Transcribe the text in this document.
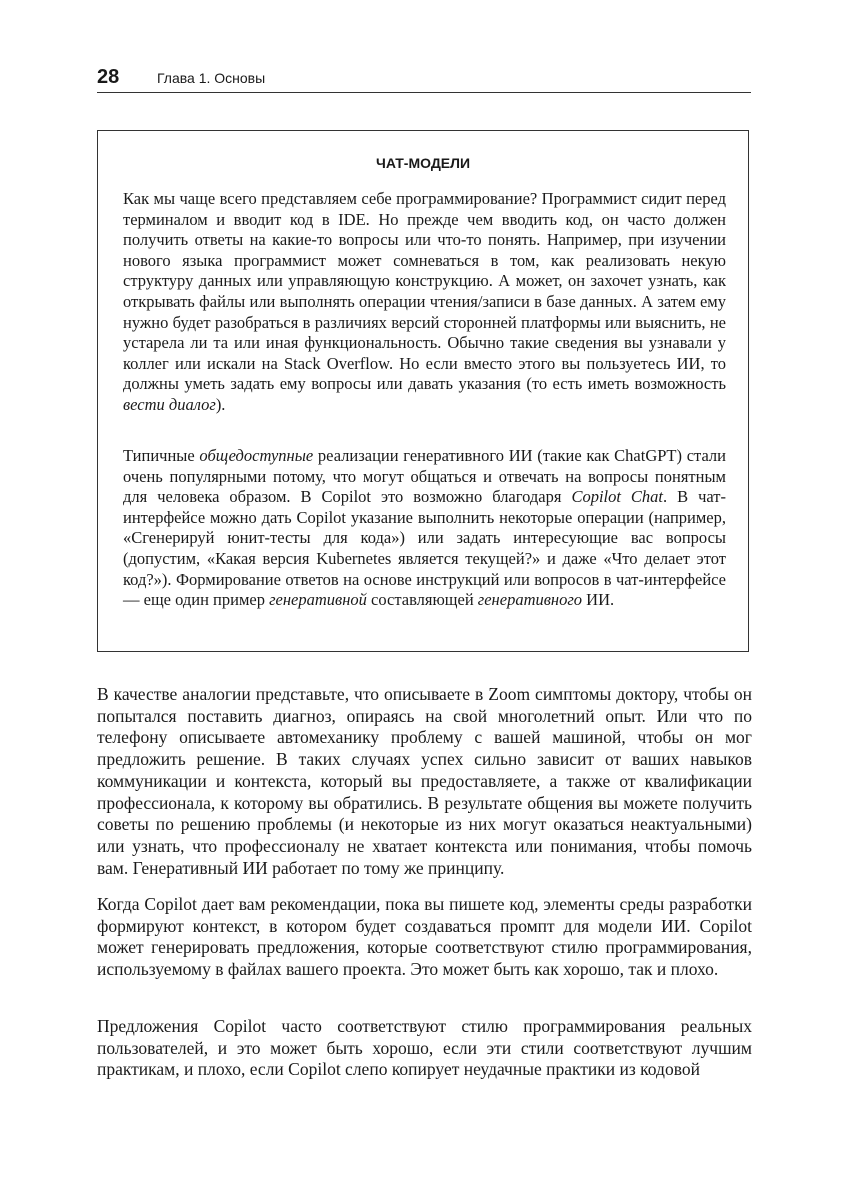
28	Глава 1. Основы
ЧАТ-МОДЕЛИ

Как мы чаще всего представляем себе программирование? Программист сидит перед терминалом и вводит код в IDE. Но прежде чем вводить код, он часто должен получить ответы на какие-то вопросы или что-то понять. Например, при изучении нового языка программист может сомневаться в том, как реализовать некую структуру данных или управляющую конструкцию. А может, он захочет узнать, как открывать файлы или выполнять операции чтения/записи в базе данных. А затем ему нужно будет разобраться в различиях версий сторонней платформы или выяснить, не устарела ли та или иная функциональность. Обычно такие сведения вы узнавали у коллег или искали на Stack Overflow. Но если вместо этого вы пользуетесь ИИ, то должны уметь задать ему вопросы или давать указания (то есть иметь возможность вести диалог).

Типичные общедоступные реализации генеративного ИИ (такие как ChatGPT) стали очень популярными потому, что могут общаться и отвечать на вопросы понятным для человека образом. В Copilot это возможно благодаря Copilot Chat. В чат-интерфейсе можно дать Copilot указание выполнить некоторые операции (например, «Сгенерируй юнит-тесты для кода») или задать интересующие вас вопросы (допустим, «Какая версия Kubernetes является текущей?» и даже «Что делает этот код?»). Формирование ответов на основе инструкций или вопросов в чат-интерфейсе — еще один пример генеративной составляющей генеративного ИИ.

В качестве аналогии представьте, что описываете в Zoom симптомы доктору, чтобы он попытался поставить диагноз, опираясь на свой многолетний опыт. Или что по телефону описываете автомеханику проблему с вашей машиной, чтобы он мог предложить решение. В таких случаях успех сильно зависит от ваших навыков коммуникации и контекста, который вы предоставляете, а также от квалификации профессионала, к которому вы обратились. В результате общения вы можете получить советы по решению проблемы (и некоторые из них могут оказаться неактуальными) или узнать, что профессионалу не хватает контекста или понимания, чтобы помочь вам. Генеративный ИИ работает по тому же принципу.

Когда Copilot дает вам рекомендации, пока вы пишете код, элементы среды разработки формируют контекст, в котором будет создаваться промпт для модели ИИ. Copilot может генерировать предложения, которые соответствуют стилю программирования, используемому в файлах вашего проекта. Это может быть как хорошо, так и плохо.

Предложения Copilot часто соответствуют стилю программирования реальных пользователей, и это может быть хорошо, если эти стили соответствуют лучшим практикам, и плохо, если Copilot слепо копирует неудачные практики из кодовой
